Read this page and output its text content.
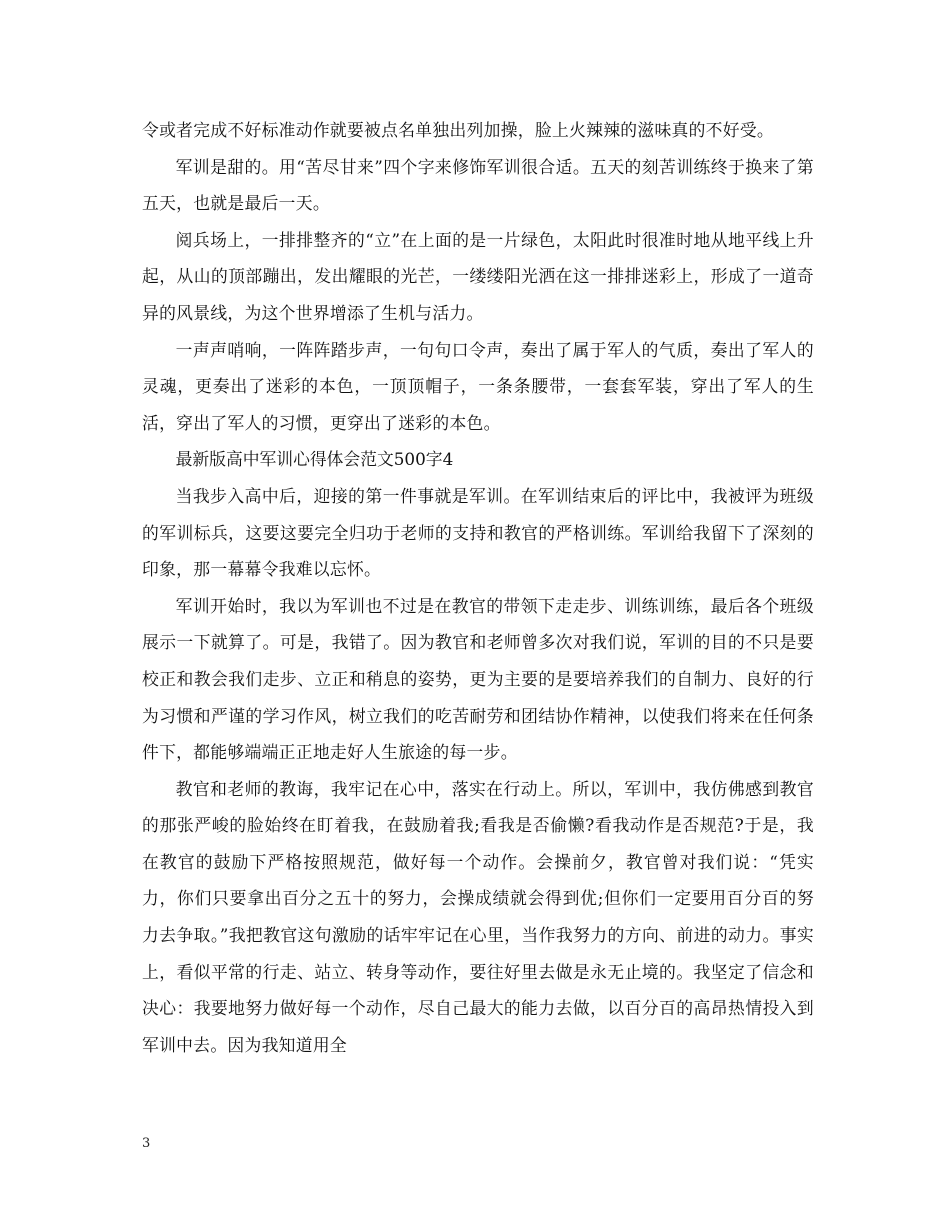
令或者完成不好标准动作就要被点名单独出列加操，脸上火辣辣的滋味真的不好受。

军训是甜的。用“苦尽甘来”四个字来修饰军训很合适。五天的刻苦训练终于换来了第五天，也就是最后一天。

阅兵场上，一排排整齐的“立”在上面的是一片绿色，太阳此时很准时地从地平线上升起，从山的顶部蹦出，发出耀眼的光芒，一缕缕阳光洒在这一排排迷彩上，形成了一道奇异的风景线，为这个世界增添了生机与活力。

一声声哨响，一阵阵踏步声，一句句口令声，奏出了属于军人的气质，奏出了军人的灵魂，更奏出了迷彩的本色，一顶顶帽子，一条条腰带，一套套军装，穿出了军人的生活，穿出了军人的习惯，更穿出了迷彩的本色。

最新版高中军训心得体会范文500字4

当我步入高中后，迎接的第一件事就是军训。在军训结束后的评比中，我被评为班级的军训标兵，这要这要完全归功于老师的支持和教官的严格训练。军训给我留下了深刻的印象，那一幕幕令我难以忘怀。

军训开始时，我以为军训也不过是在教官的带领下走走步、训练训练，最后各个班级展示一下就算了。可是，我错了。因为教官和老师曾多次对我们说，军训的目的不只是要校正和教会我们走步、立正和稍息的姿势，更为主要的是要培养我们的自制力、良好的行为习惯和严谨的学习作风，树立我们的吃苦耐劳和团结协作精神，以使我们将来在任何条件下，都能够端端正正地走好人生旅途的每一步。

教官和老师的教诲，我牢记在心中，落实在行动上。所以，军训中，我仿佛感到教官的那张严峻的脸始终在盯着我，在鼓励着我;看我是否偷懒?看我动作是否规范?于是，我在教官的鼓励下严格按照规范，做好每一个动作。会操前夕，教官曾对我们说：“凭实力，你们只要拿出百分之五十的努力，会操成绩就会得到优;但你们一定要用百分百的努力去争取。”我把教官这句激励的话牢牢记在心里，当作我努力的方向、前进的动力。事实上，看似平常的行走、站立、转身等动作，要往好里去做是永无止境的。我坚定了信念和决心：我要地努力做好每一个动作，尽自己最大的能力去做，以百分百的高昂热情投入到军训中去。因为我知道用全

3
